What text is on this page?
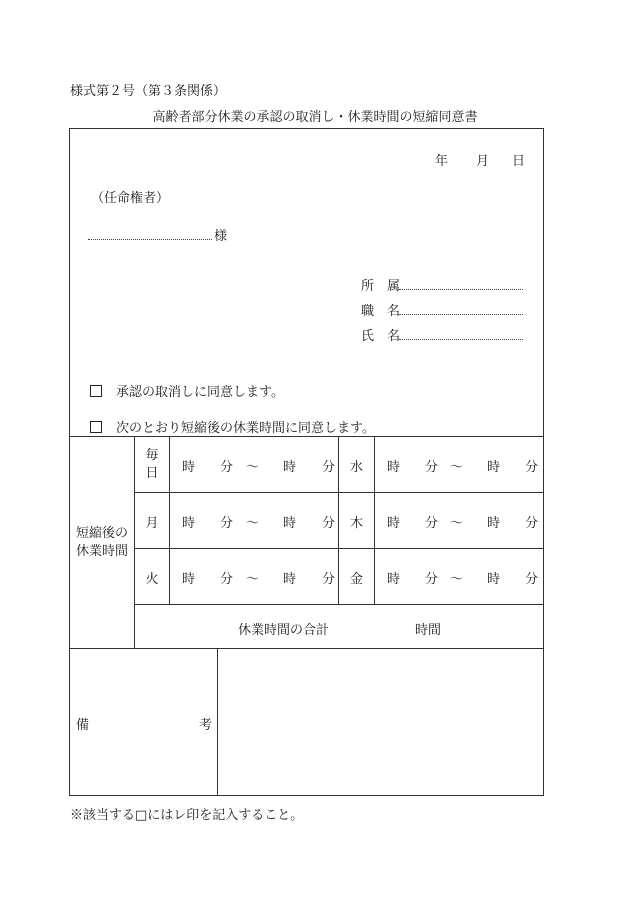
様式第２号（第３条関係）
高齢者部分休業の承認の取消し・休業時間の短縮同意書
年 月 日
（任命権者）
様
所　属
職　名
氏　名
承認の取消しに同意します。
次のとおり短縮後の休業時間に同意します。
短縮後の
休業時間
毎日	時 分 〜 時 分	水	時 分 〜 時 分
月	時 分 〜 時 分	木	時 分 〜 時 分
火	時 分 〜 時 分	金	時 分 〜 時 分
休業時間の合計	時間
備	考
※該当する□にはレ印を記入すること。
